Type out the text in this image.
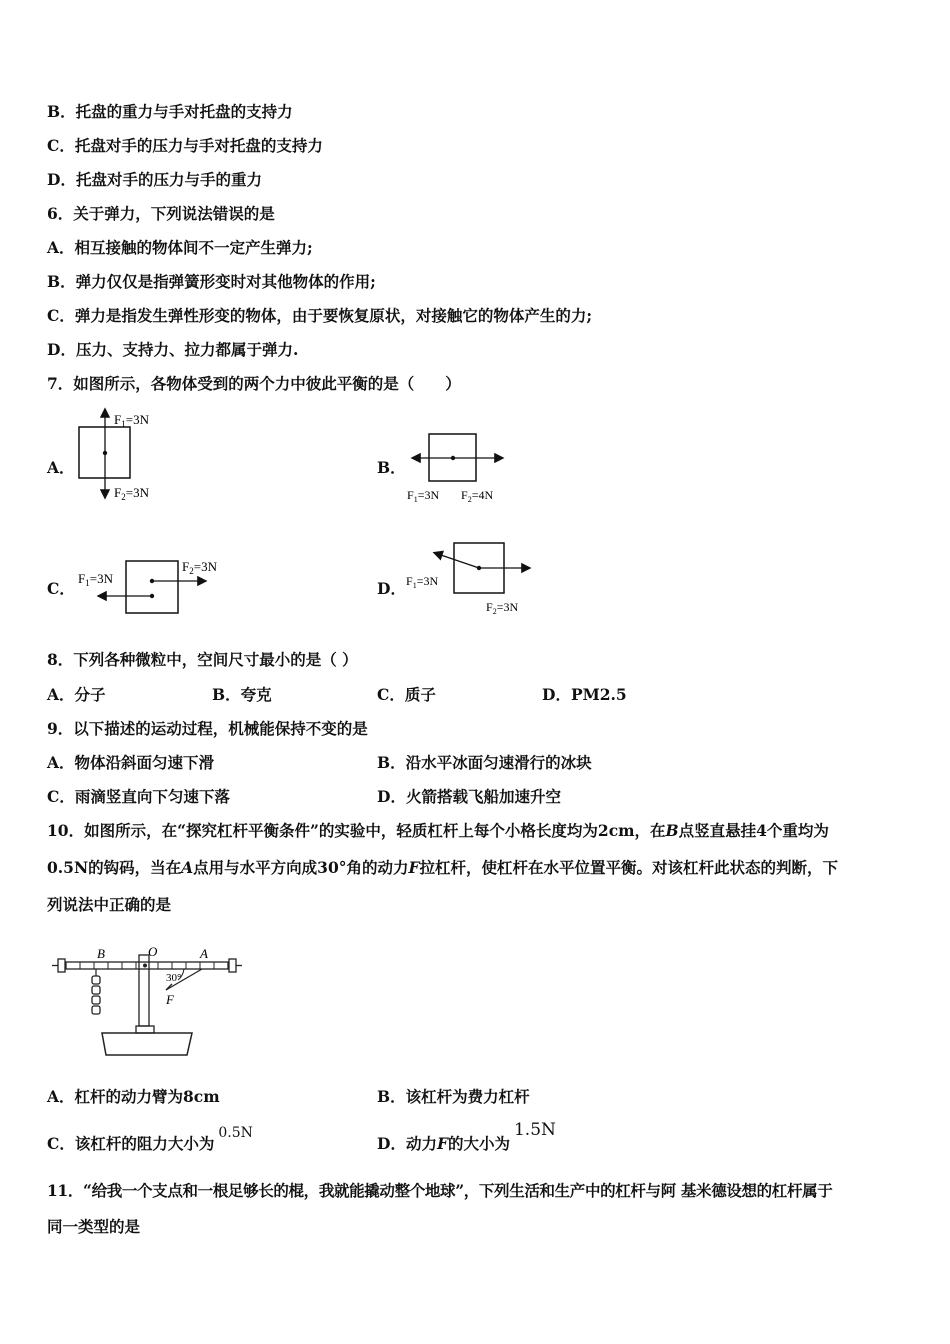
B．托盘的重力与手对托盘的支持力
C．托盘对手的压力与手对托盘的支持力
D．托盘对手的压力与手的重力
6．关于弹力，下列说法错误的是
A．相互接触的物体间不一定产生弹力;
B．弹力仅仅是指弹簧形变时对其他物体的作用;
C．弹力是指发生弹性形变的物体，由于要恢复原状，对接触它的物体产生的力;
D．压力、支持力、拉力都属于弹力.
7．如图所示，各物体受到的两个力中彼此平衡的是（　　）
A．
$F_1=3N$
$F_2=3N$
B．
$F_1=3N$ $F_2=4N$
C．
$F_1=3N$
$F_2=3N$
D． $F_1=3N$
$F_2=3N$
8．下列各种微粒中，空间尺寸最小的是（ ）
A．分子	B．夸克	C．质子	D．PM2.5
9．以下描述的运动过程，机械能保持不变的是
A．物体沿斜面匀速下滑	B．沿水平冰面匀速滑行的冰块
C．雨滴竖直向下匀速下落	D．火箭搭载飞船加速升空
10．如图所示，在“探究杠杆平衡条件”的实验中，轻质杠杆上每个小格长度均为2cm，在B点竖直悬挂4个重均为
0.5N的钩码，当在A点用与水平方向成30°角的动力F拉杠杆，使杠杆在水平位置平衡。对该杠杆此状态的判断，下
列说法中正确的是
B	O	A
30°
F
A．杠杆的动力臂为8cm	B．该杠杆为费力杠杆
C．该杠杆的阻力大小为0.5N
D．动力F的大小为1.5N
11．“给我一个支点和一根足够长的棍，我就能撬动整个地球”，下列生活和生产中的杠杆与阿 基米德设想的杠杆属于
同一类型的是
